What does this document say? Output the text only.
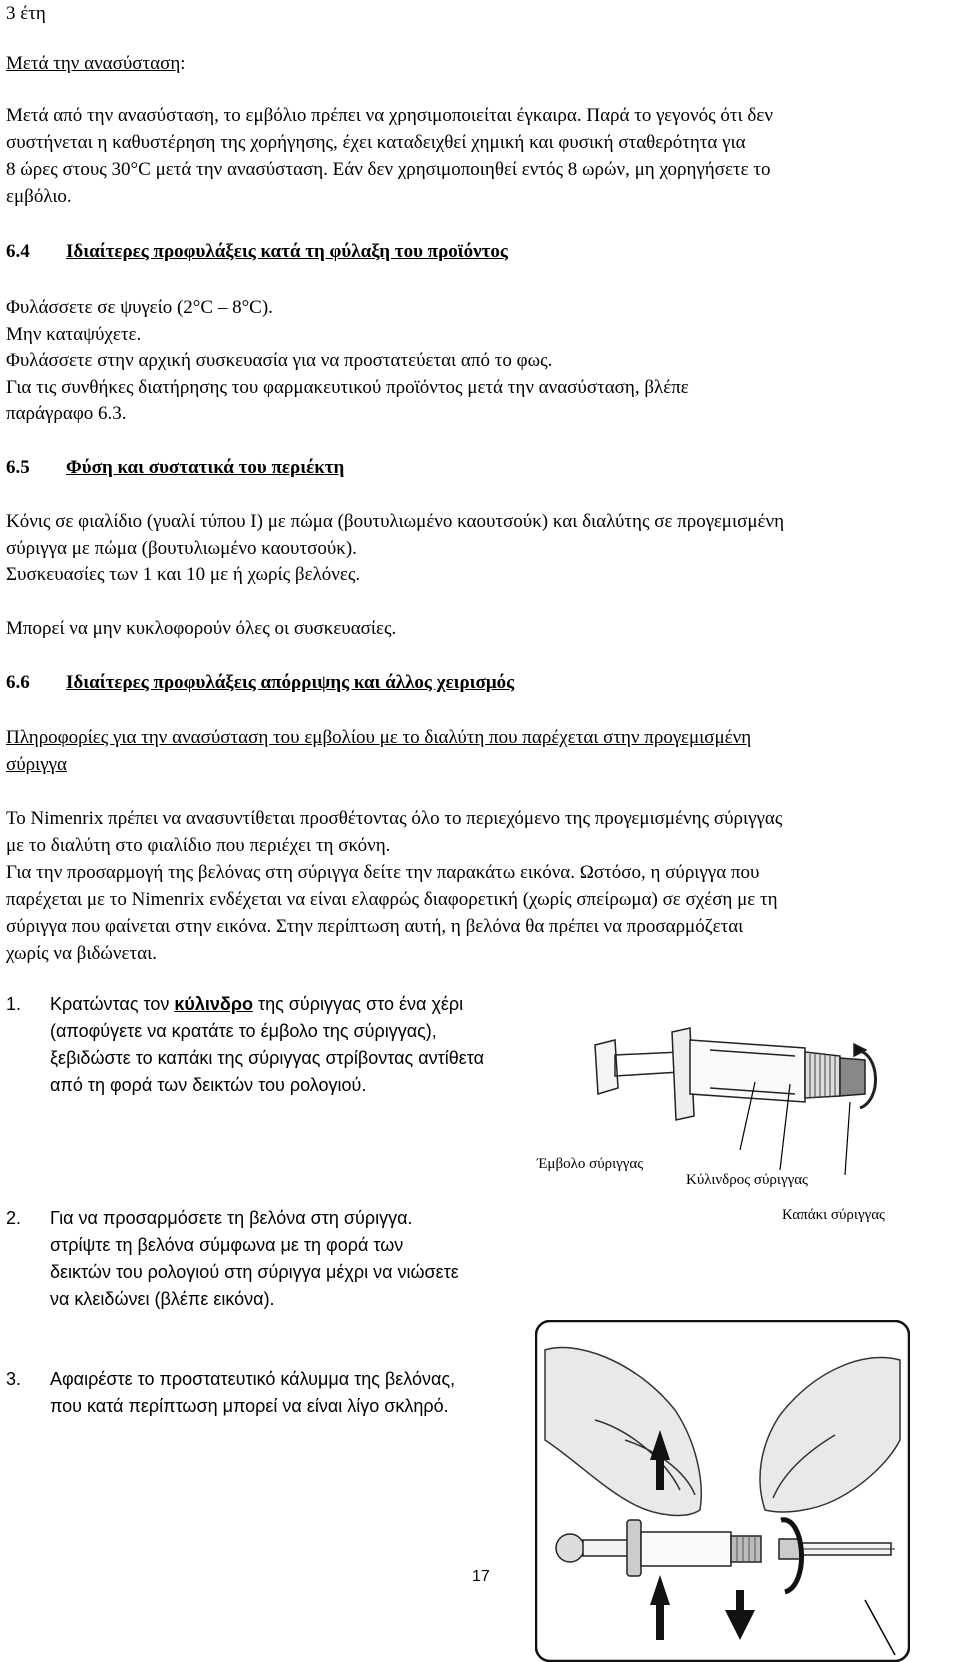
3 έτη
Μετά την ανασύσταση:
Μετά από την ανασύσταση, το εμβόλιο πρέπει να χρησιμοποιείται έγκαιρα. Παρά το γεγονός ότι δεν
συστήνεται η καθυστέρηση της χορήγησης, έχει καταδειχθεί χημική και φυσική σταθερότητα για
8 ώρες στους 30°C μετά την ανασύσταση. Εάν δεν χρησιμοποιηθεί εντός 8 ωρών, μη χορηγήσετε το
εμβόλιο.
6.4 Ιδιαίτερες προφυλάξεις κατά τη φύλαξη του προϊόντος
Φυλάσσετε σε ψυγείο (2°C – 8°C).
Μην καταψύχετε.
Φυλάσσετε στην αρχική συσκευασία για να προστατεύεται από το φως.
Για τις συνθήκες διατήρησης του φαρμακευτικού προϊόντος μετά την ανασύσταση, βλέπε
παράγραφο 6.3.
6.5 Φύση και συστατικά του περιέκτη
Κόνις σε φιαλίδιο (γυαλί τύπου I) με πώμα (βουτυλιωμένο καουτσούκ) και διαλύτης σε προγεμισμένη
σύριγγα με πώμα (βουτυλιωμένο καουτσούκ).
Συσκευασίες των 1 και 10 με ή χωρίς βελόνες.
Μπορεί να μην κυκλοφορούν όλες οι συσκευασίες.
6.6 Ιδιαίτερες προφυλάξεις απόρριψης και άλλος χειρισμός
Πληροφορίες για την ανασύσταση του εμβολίου με το διαλύτη που παρέχεται στην προγεμισμένη
σύριγγα
Το Nimenrix πρέπει να ανασυντίθεται προσθέτοντας όλο το περιεχόμενο της προγεμισμένης σύριγγας
με το διαλύτη στο φιαλίδιο που περιέχει τη σκόνη.
Για την προσαρμογή της βελόνας στη σύριγγα δείτε την παρακάτω εικόνα. Ωστόσο, η σύριγγα που
παρέχεται με το Nimenrix ενδέχεται να είναι ελαφρώς διαφορετική (χωρίς σπείρωμα) σε σχέση με τη
σύριγγα που φαίνεται στην εικόνα. Στην περίπτωση αυτή, η βελόνα θα πρέπει να προσαρμόζεται
χωρίς να βιδώνεται.
1. Κρατώντας τον κύλινδρο της σύριγγας στο ένα χέρι
(αποφύγετε να κρατάτε το έμβολο της σύριγγας),
ξεβιδώστε το καπάκι της σύριγγας στρίβοντας αντίθετα
από τη φορά των δεικτών του ρολογιού.
2. Για να προσαρμόσετε τη βελόνα στη σύριγγα.
στρίψτε τη βελόνα σύμφωνα με τη φορά των
δεικτών του ρολογιού στη σύριγγα μέχρι να νιώσετε
να κλειδώνει (βλέπε εικόνα).
3. Αφαιρέστε το προστατευτικό κάλυμμα της βελόνας,
που κατά περίπτωση μπορεί να είναι λίγο σκληρό.
Έμβολο σύριγγας
Κύλινδρος σύριγγας
Καπάκι σύριγγας
17
